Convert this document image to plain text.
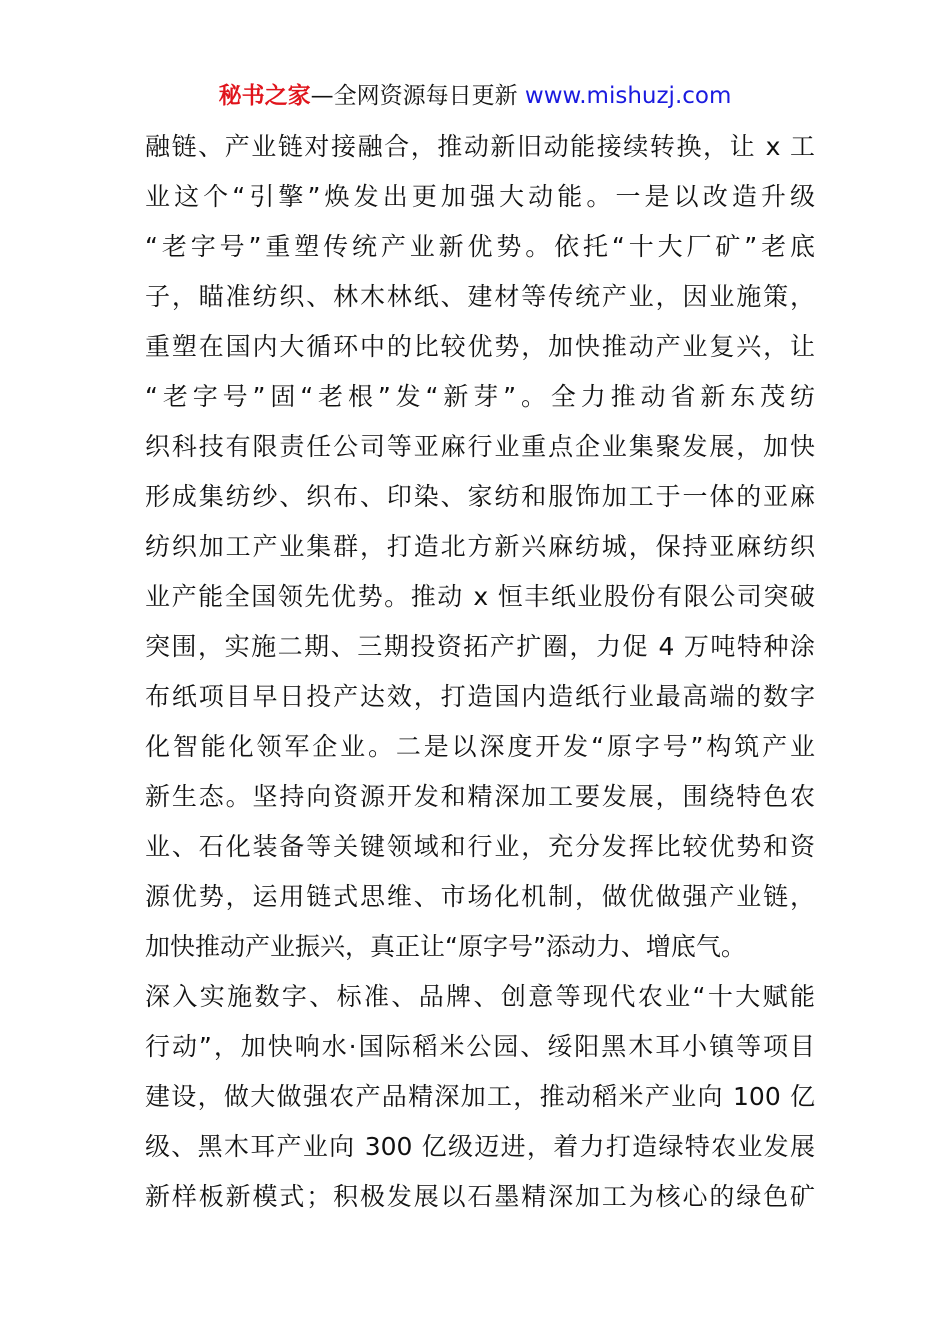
秘书之家—全网资源每日更新 www.mishuzj.com
融链、产业链对接融合，推动新旧动能接续转换，让 x 工
业这个“引擎”焕发出更加强大动能。一是以改造升级
“老字号”重塑传统产业新优势。依托“十大厂矿”老底
子，瞄准纺织、林木林纸、建材等传统产业，因业施策，
重塑在国内大循环中的比较优势，加快推动产业复兴，让
“老字号”固“老根”发“新芽”。全力推动省新东茂纺
织科技有限责任公司等亚麻行业重点企业集聚发展，加快
形成集纺纱、织布、印染、家纺和服饰加工于一体的亚麻
纺织加工产业集群，打造北方新兴麻纺城，保持亚麻纺织
业产能全国领先优势。推动 x 恒丰纸业股份有限公司突破
突围，实施二期、三期投资拓产扩圈，力促 4 万吨特种涂
布纸项目早日投产达效，打造国内造纸行业最高端的数字
化智能化领军企业。二是以深度开发“原字号”构筑产业
新生态。坚持向资源开发和精深加工要发展，围绕特色农
业、石化装备等关键领域和行业，充分发挥比较优势和资
源优势，运用链式思维、市场化机制，做优做强产业链，
加快推动产业振兴，真正让“原字号”添动力、增底气。
深入实施数字、标准、品牌、创意等现代农业“十大赋能
行动”，加快响水·国际稻米公园、绥阳黑木耳小镇等项目
建设，做大做强农产品精深加工，推动稻米产业向 100 亿
级、黑木耳产业向 300 亿级迈进，着力打造绿特农业发展
新样板新模式；积极发展以石墨精深加工为核心的绿色矿
